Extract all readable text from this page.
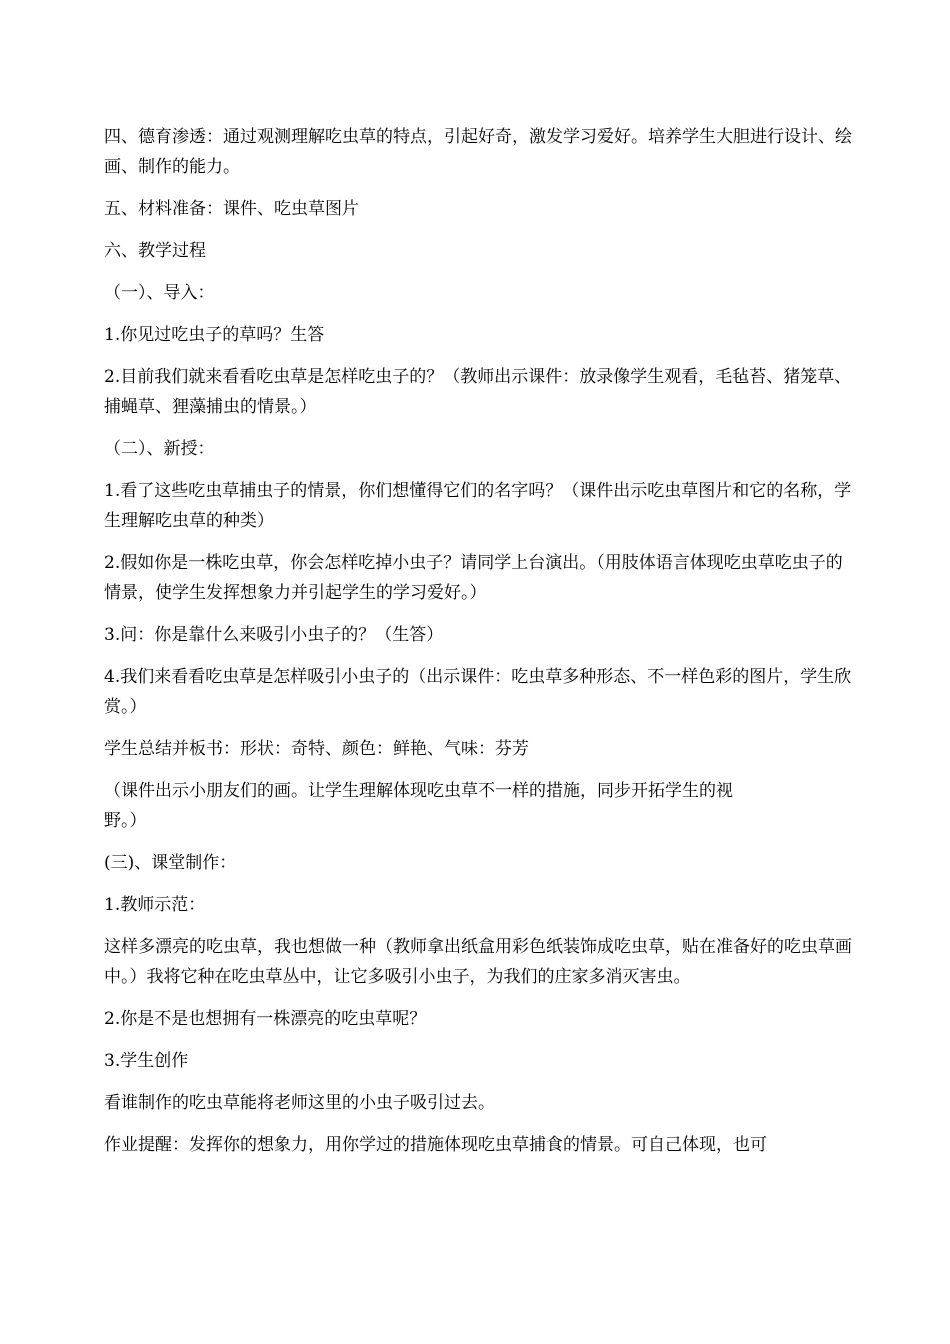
四、德育渗透：通过观测理解吃虫草的特点，引起好奇，激发学习爱好。培养学生大胆进行设计、绘画、制作的能力。

五、材料准备：课件、吃虫草图片

六、教学过程

（一）、导入：

1.你见过吃虫子的草吗？生答

2.目前我们就来看看吃虫草是怎样吃虫子的？（教师出示课件：放录像学生观看，毛毡苔、猪笼草、捕蝇草、狸藻捕虫的情景。）

（二）、新授：

1.看了这些吃虫草捕虫子的情景，你们想懂得它们的名字吗？（课件出示吃虫草图片和它的名称，学生理解吃虫草的种类）

2.假如你是一株吃虫草，你会怎样吃掉小虫子？请同学上台演出。（用肢体语言体现吃虫草吃虫子的情景，使学生发挥想象力并引起学生的学习爱好。）

3.问：你是靠什么来吸引小虫子的？（生答）

4.我们来看看吃虫草是怎样吸引小虫子的（出示课件：吃虫草多种形态、不一样色彩的图片，学生欣赏。）

学生总结并板书：形状：奇特、颜色：鲜艳、气味：芬芳

（课件出示小朋友们的画。让学生理解体现吃虫草不一样的措施，同步开拓学生的视
野。）

(三)、课堂制作：

1.教师示范：

这样多漂亮的吃虫草，我也想做一种（教师拿出纸盒用彩色纸装饰成吃虫草，贴在准备好的吃虫草画中。）我将它种在吃虫草丛中，让它多吸引小虫子，为我们的庄家多消灭害虫。

2.你是不是也想拥有一株漂亮的吃虫草呢？

3.学生创作

看谁制作的吃虫草能将老师这里的小虫子吸引过去。

作业提醒：发挥你的想象力，用你学过的措施体现吃虫草捕食的情景。可自己体现，也可
